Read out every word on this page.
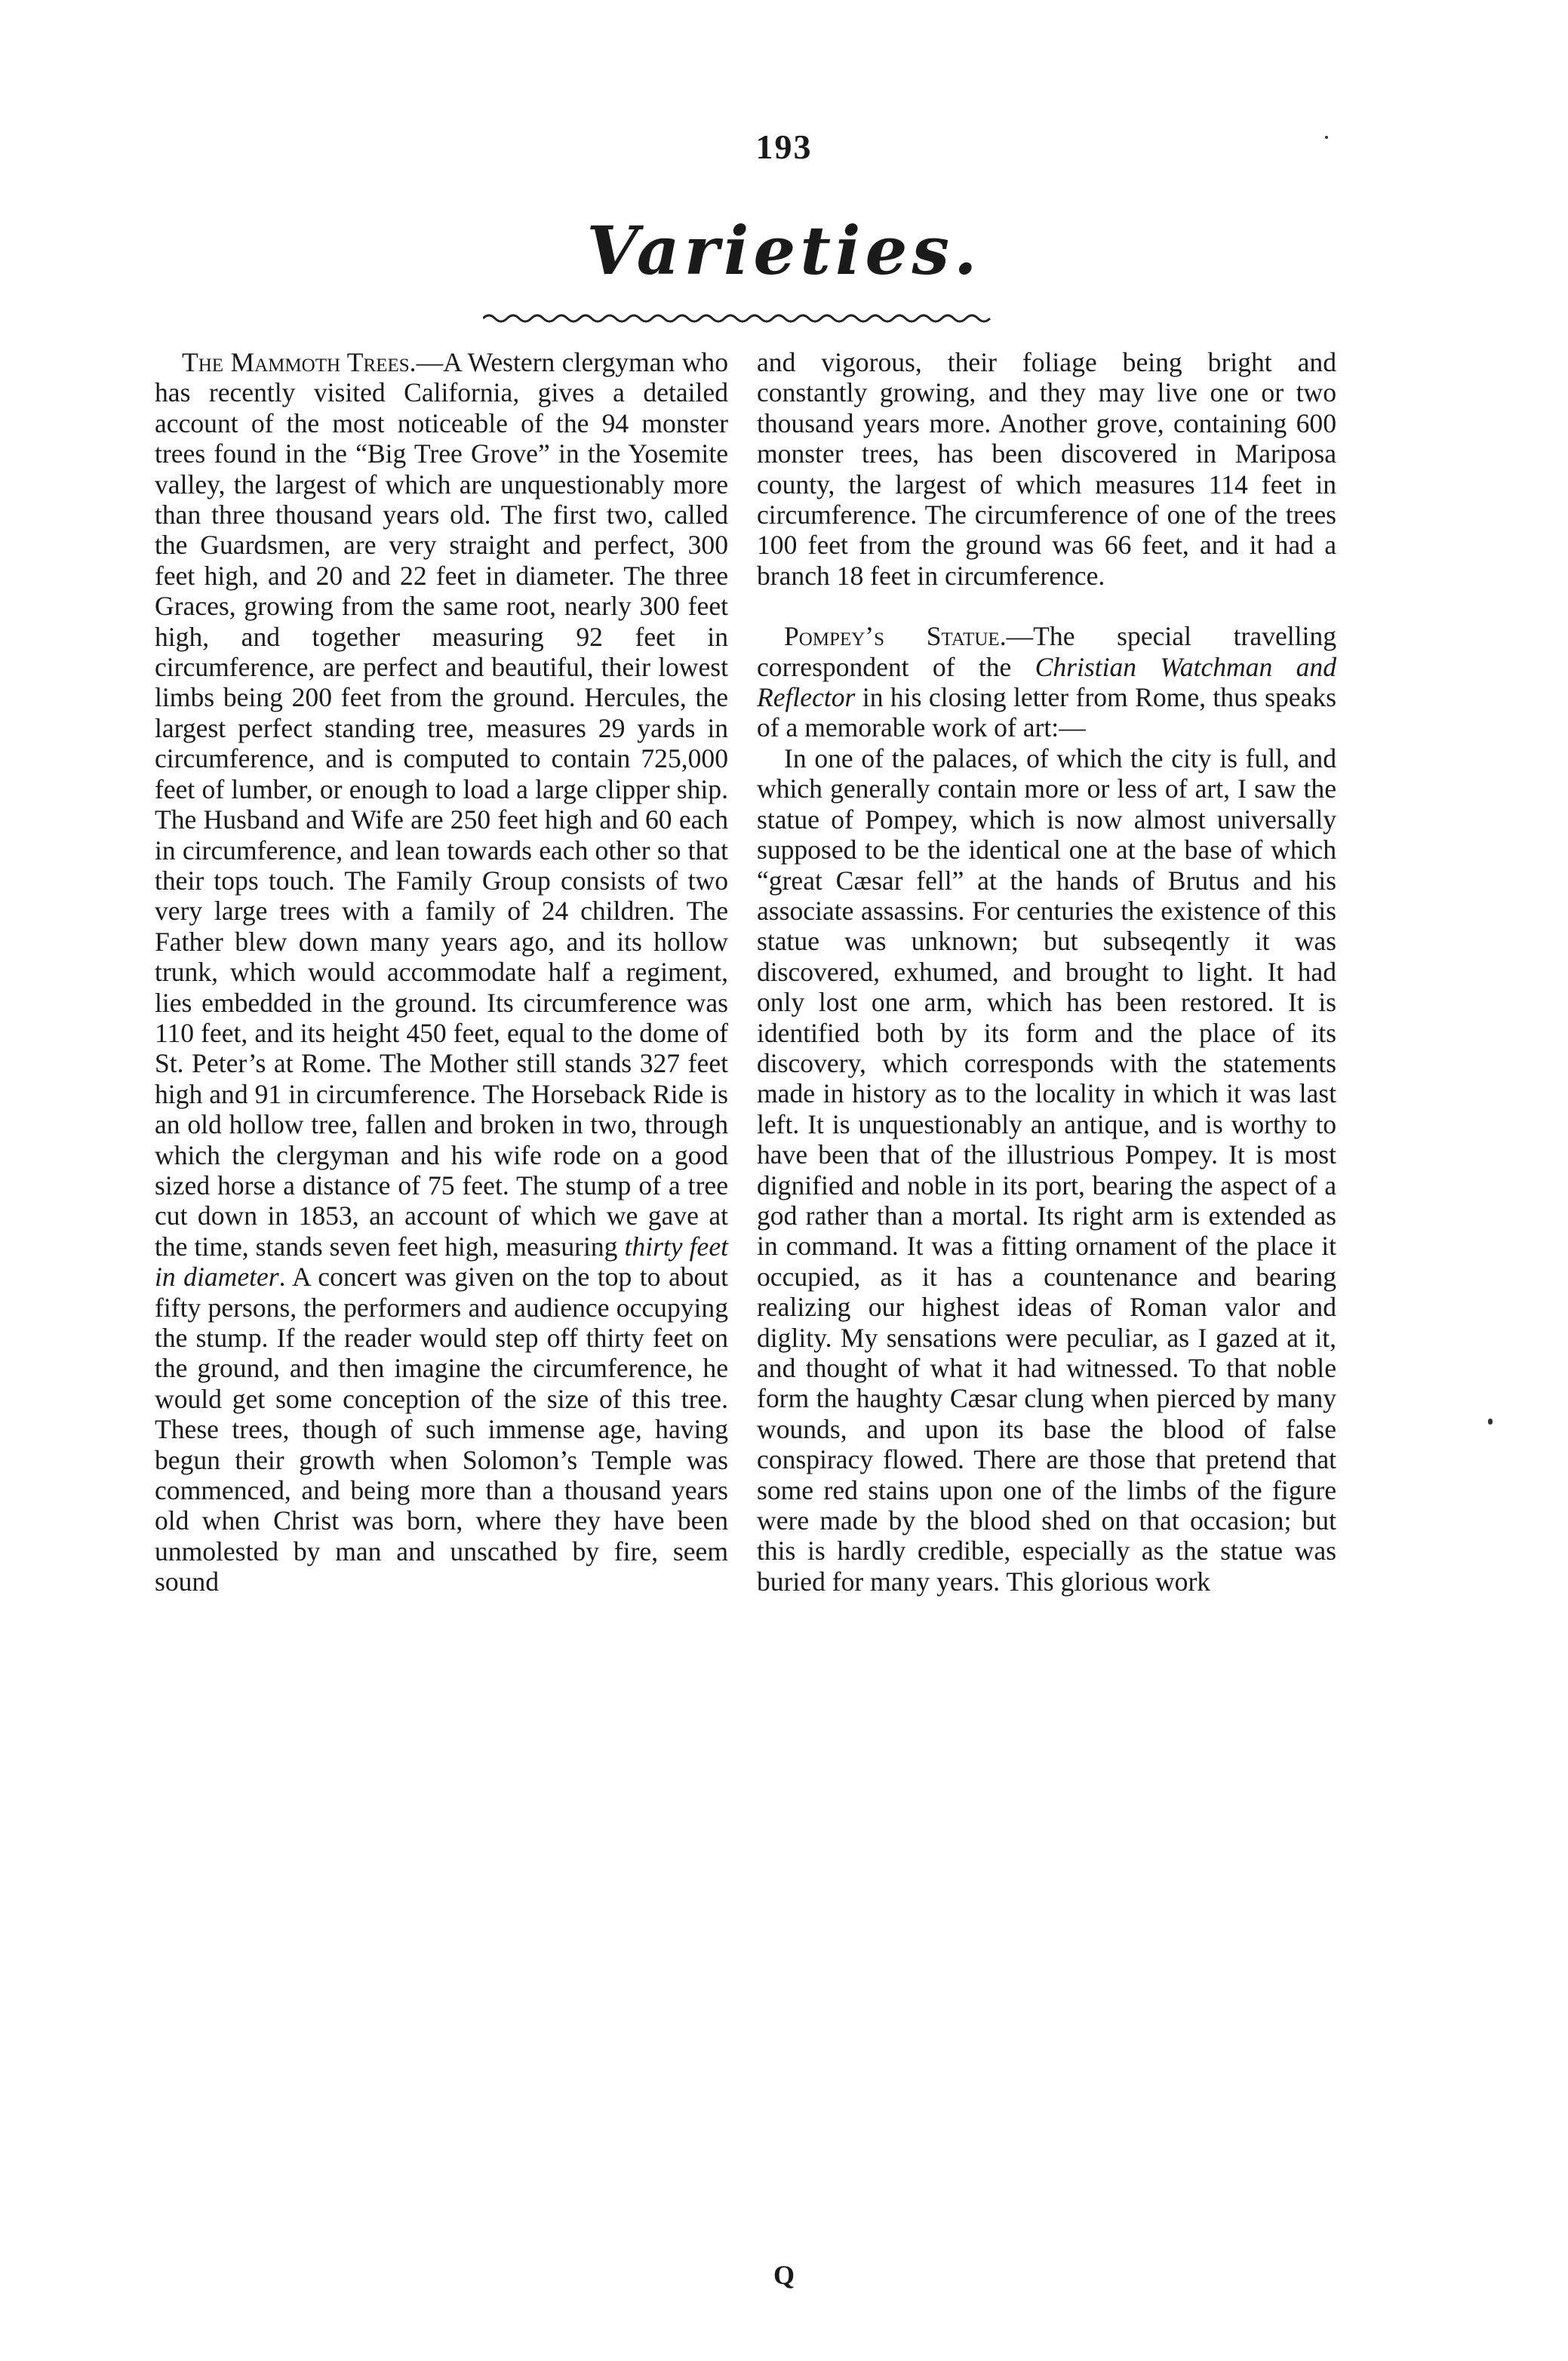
193
Varieties.

The Mammoth Trees.—A Western clergyman who has recently visited California, gives a detailed account of the most noticeable of the 94 monster trees found in the “Big Tree Grove” in the Yosemite valley, the largest of which are unquestionably more than three thousand years old. The first two, called the Guardsmen, are very straight and perfect, 300 feet high, and 20 and 22 feet in diameter. The three Graces, growing from the same root, nearly 300 feet high, and together measuring 92 feet in circumference, are perfect and beautiful, their lowest limbs being 200 feet from the ground. Hercules, the largest perfect standing tree, measures 29 yards in circumference, and is computed to contain 725,000 feet of lumber, or enough to load a large clipper ship. The Husband and Wife are 250 feet high and 60 each in circumference, and lean towards each other so that their tops touch. The Family Group consists of two very large trees with a family of 24 children. The Father blew down many years ago, and its hollow trunk, which would accommodate half a regiment, lies embedded in the ground. Its circumference was 110 feet, and its height 450 feet, equal to the dome of St. Peter’s at Rome. The Mother still stands 327 feet high and 91 in circumference. The Horseback Ride is an old hollow tree, fallen and broken in two, through which the clergyman and his wife rode on a good sized horse a distance of 75 feet. The stump of a tree cut down in 1853, an account of which we gave at the time, stands seven feet high, measuring thirty feet in diameter. A concert was given on the top to about fifty persons, the performers and audience occupying the stump. If the reader would step off thirty feet on the ground, and then imagine the circumference, he would get some conception of the size of this tree. These trees, though of such immense age, having begun their growth when Solomon’s Temple was commenced, and being more than a thousand years old when Christ was born, where they have been unmolested by man and unscathed by fire, seem sound

and vigorous, their foliage being bright and constantly growing, and they may live one or two thousand years more. Another grove, containing 600 monster trees, has been discovered in Mariposa county, the largest of which measures 114 feet in circumference. The circumference of one of the trees 100 feet from the ground was 66 feet, and it had a branch 18 feet in circumference.

Pompey’s Statue.—The special travelling correspondent of the Christian Watchman and Reflector in his closing letter from Rome, thus speaks of a memorable work of art:—

In one of the palaces, of which the city is full, and which generally contain more or less of art, I saw the statue of Pompey, which is now almost universally supposed to be the identical one at the base of which “great Cæsar fell” at the hands of Brutus and his associate assassins. For centuries the existence of this statue was unknown; but subseqently it was discovered, exhumed, and brought to light. It had only lost one arm, which has been restored. It is identified both by its form and the place of its discovery, which corresponds with the statements made in history as to the locality in which it was last left. It is unquestionably an antique, and is worthy to have been that of the illustrious Pompey. It is most dignified and noble in its port, bearing the aspect of a god rather than a mortal. Its right arm is extended as in command. It was a fitting ornament of the place it occupied, as it has a countenance and bearing realizing our highest ideas of Roman valor and diglity. My sensations were peculiar, as I gazed at it, and thought of what it had witnessed. To that noble form the haughty Cæsar clung when pierced by many wounds, and upon its base the blood of false conspiracy flowed. There are those that pretend that some red stains upon one of the limbs of the figure were made by the blood shed on that occasion; but this is hardly credible, especially as the statue was buried for many years. This glorious work

Q
